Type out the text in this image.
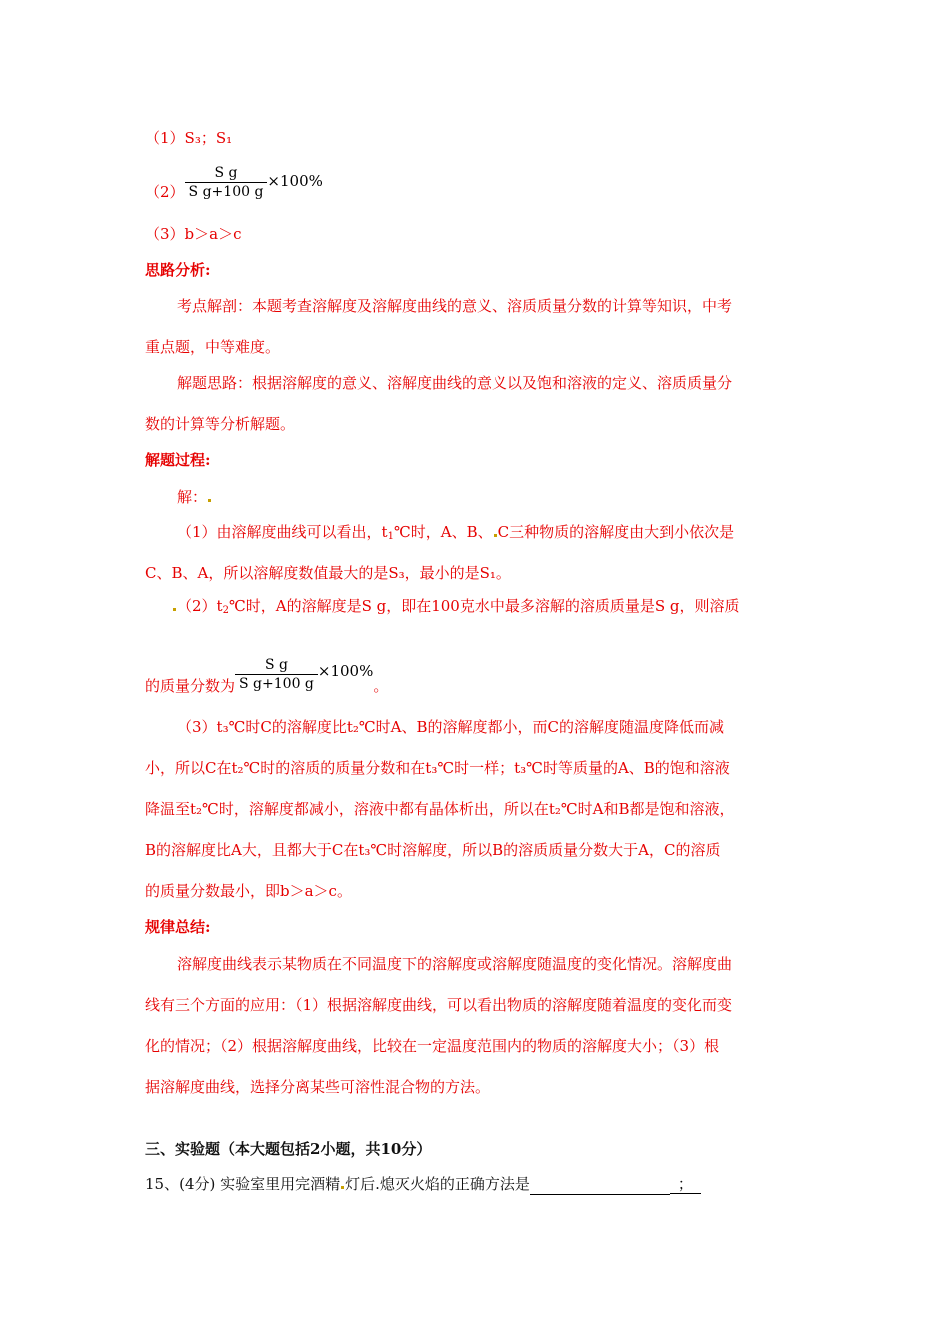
（1）S₃；S₁
$(2) \frac{\text{S g}}{\text{S g+100 g}} \times 100\%$
（3）b＞a＞c
思路分析:
考点解剖：本题考查溶解度及溶解度曲线的意义、溶质质量分数的计算等知识，中考
重点题，中等难度。
解题思路：根据溶解度的意义、溶解度曲线的意义以及饱和溶液的定义、溶质质量分
数的计算等分析解题。
解题过程:
解：
（1）由溶解度曲线可以看出，$t_1℃$时，A、B、 C三种物质的溶解度由大到小依次是
C、B、A，所以溶解度数值最大的是S₃，最小的是S₁。
$(2)t_2℃$时，A的溶解度是S g，即在100克水中最多溶解的溶质质量是S g，则溶质
的质量分数为 $\frac{\text{S g}}{\text{S g+100 g}} \times 100\%$
。
（3）t₃℃时C的溶解度比t₂℃时A、B的溶解度都小，而C的溶解度随温度降低而减
小，所以C在t₂℃时的溶质的质量分数和在t₃℃时一样；t₃℃时等质量的A、B的饱和溶液
降温至t₂℃时，溶解度都减小，溶液中都有晶体析出，所以在t₂℃时A和B都是饱和溶液，
B的溶解度比A大，且都大于C在t₃℃时溶解度，所以B的溶质质量分数大于A，C的溶质
的质量分数最小，即b＞a＞c。
规律总结:
溶解度曲线表示某物质在不同温度下的溶解度或溶解度随温度的变化情况。溶解度曲
线有三个方面的应用：（1）根据溶解度曲线，可以看出物质的溶解度随着温度的变化而变
化的情况；（2）根据溶解度曲线，比较在一定温度范围内的物质的溶解度大小；（3）根
据溶解度曲线，选择分离某些可溶性混合物的方法。
三、实验题（本大题包括2小题，共10分）
15、(4分) 实验室里用完酒精 灯后.熄灭火焰的正确方法是	；
